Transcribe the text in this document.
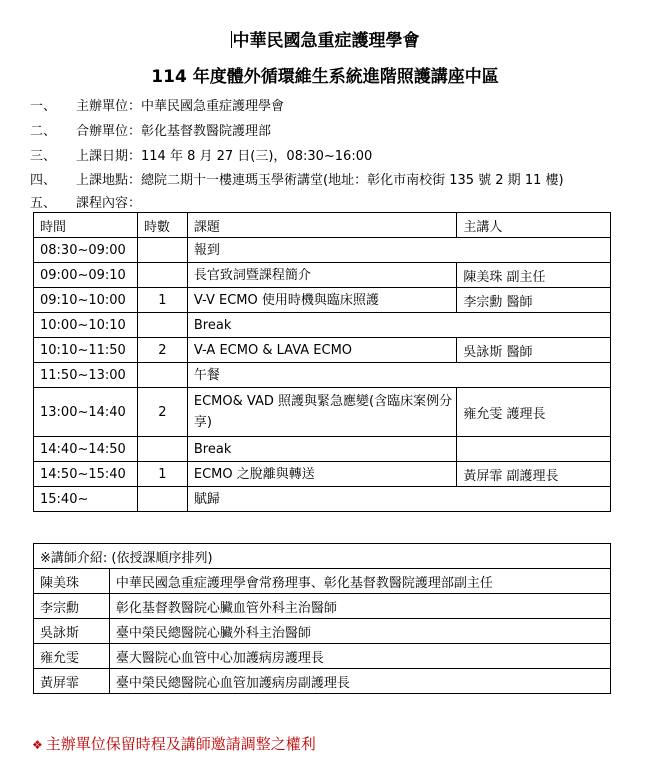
中華民國急重症護理學會
114 年度體外循環維生系統進階照護講座中區
一、 主辦單位：中華民國急重症護理學會
二、 合辦單位：彰化基督教醫院護理部
三、 上課日期：114 年 8 月 27 日(三)，08:30~16:00
四、 上課地點：總院二期十一樓連瑪玉學術講堂(地址：彰化市南校街 135 號 2 期 11 樓)
五、 課程內容：
時間	時數	課題	主講人
08:30~09:00		報到	
09:00~09:10		長官致詞暨課程簡介	陳美珠 副主任
09:10~10:00	1	V-V ECMO 使用時機與臨床照護	李宗勳 醫師
10:00~10:10		Break	
10:10~11:50	2	V-A ECMO & LAVA ECMO	吳詠斯 醫師
11:50~13:00		午餐	
13:00~14:40	2	ECMO& VAD 照護與緊急應變(含臨床案例分享)	雍允雯 護理長
14:40~14:50		Break	
14:50~15:40	1	ECMO 之脫離與轉送	黃屏霏 副護理長
15:40~		賦歸	
※講師介紹: (依授課順序排列)	
陳美珠	中華民國急重症護理學會常務理事、彰化基督教醫院護理部副主任
李宗勳	彰化基督教醫院心臟血管外科主治醫師
吳詠斯	臺中榮民總醫院心臟外科主治醫師
雍允雯	臺大醫院心血管中心加護病房護理長
黃屏霏	臺中榮民總醫院心血管加護病房副護理長
❖ 主辦單位保留時程及講師邀請調整之權利
